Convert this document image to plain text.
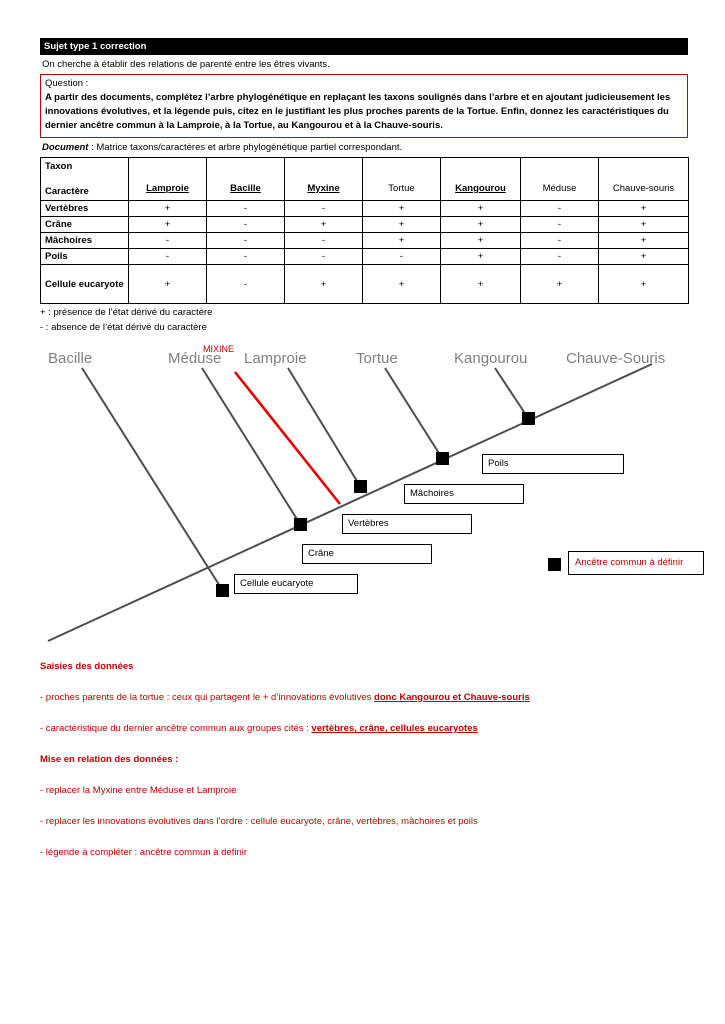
Sujet type 1 correction
On cherche à établir des relations de parenté entre les êtres vivants.
Question :
A partir des documents, complétez l’arbre phylogénétique en replaçant les taxons soulignés dans l’arbre et en ajoutant judicieusement les innovations évolutives, et la légende puis, citez en le justifiant les plus proches parents de la Tortue. Enfin, donnez les caractéristiques du dernier ancêtre commun à la Lamproie, à la Tortue, au Kangourou et à la Chauve-souris.
Document : Matrice taxons/caractères et arbre phylogénétique partiel correspondant.
Taxon
Caractère	Lamproie	Bacille	Myxine	Tortue	Kangourou	Méduse	Chauve-souris
Vertèbres	+	-	-	+	+	-	+
Crâne	+	-	+	+	+	-	+
Mâchoires	-	-	-	+	+	-	+
Poils	-	-	-	-	+	-	+
Cellule eucaryote	+	-	+	+	+	+	+
+ : présence de l’état dérivé du caractère
- : absence de l’état dérivé du caractère
Bacille	Méduse Lamproie	Tortue	Kangourou	Chauve-Souris
MIXINE
Poils
Mâchoires
Vertèbres
Crâne
Cellule eucaryote
Ancêtre commun à définir

Saisies des données

- proches parents de la tortue : ceux qui partagent le + d’innovations évolutives donc Kangourou et Chauve-souris

- caractéristique du dernier ancêtre commun aux groupes cités : vertèbres, crâne, cellules eucaryotes

Mise en relation des données :

- replacer la Myxine entre Méduse et Lamproie

- replacer les innovations évolutives dans l’ordre : cellule eucaryote, crâne, vertèbres, mâchoires et poils

- légende à compléter : ancêtre commun à définir
